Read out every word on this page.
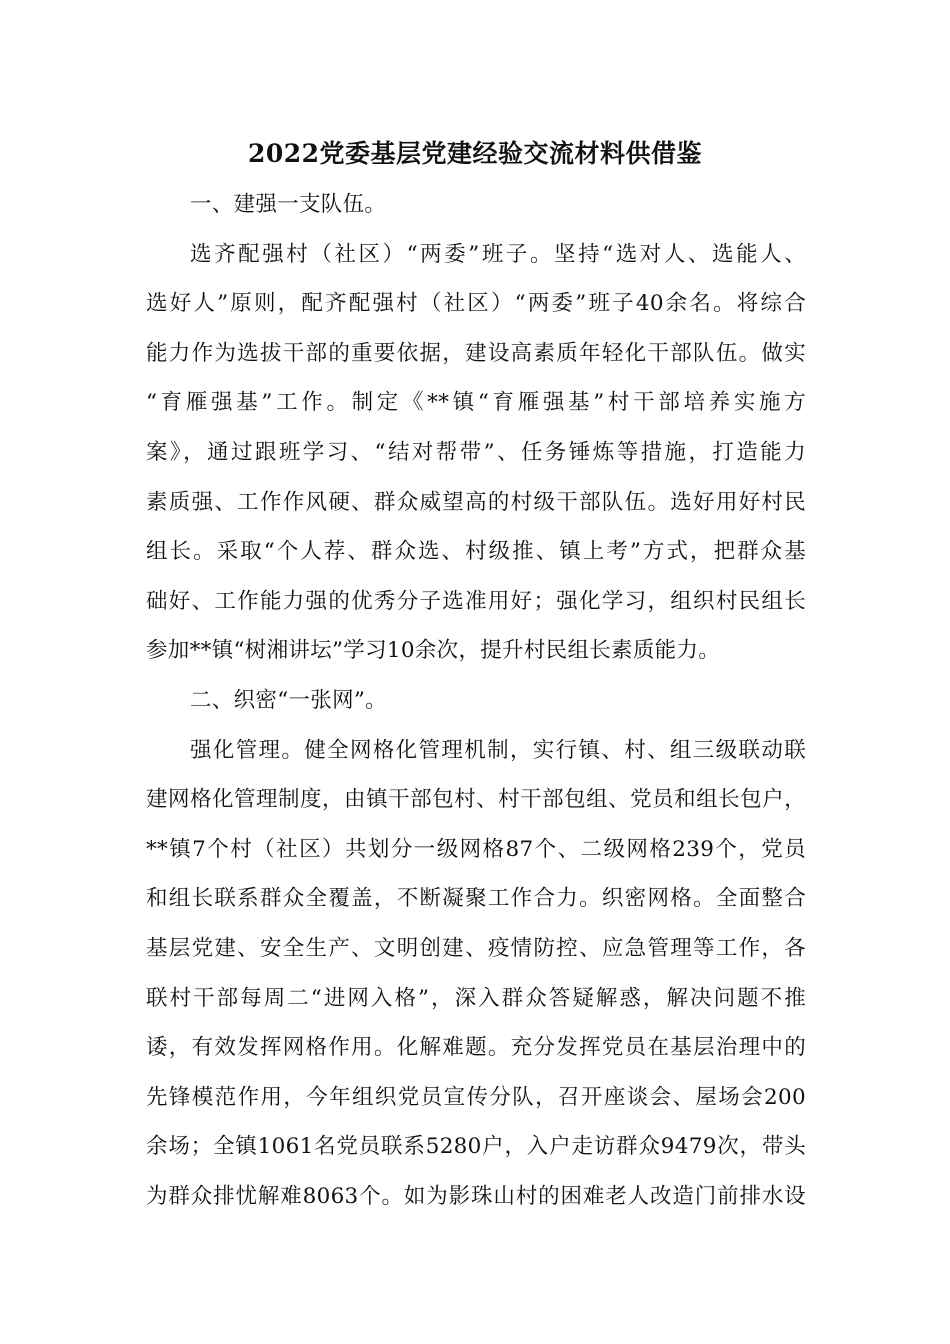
2022党委基层党建经验交流材料供借鉴
一、建强一支队伍。
选齐配强村（社区）“两委”班子。坚持“选对人、选能人、
选好人”原则，配齐配强村（社区）“两委”班子40余名。将综合
能力作为选拔干部的重要依据，建设高素质年轻化干部队伍。做实
“育雁强基”工作。制定《**镇“育雁强基”村干部培养实施方
案》，通过跟班学习、“结对帮带”、任务锤炼等措施，打造能力
素质强、工作作风硬、群众威望高的村级干部队伍。选好用好村民
组长。采取“个人荐、群众选、村级推、镇上考”方式，把群众基
础好、工作能力强的优秀分子选准用好；强化学习，组织村民组长
参加**镇“树湘讲坛”学习10余次，提升村民组长素质能力。
二、织密“一张网”。
强化管理。健全网格化管理机制，实行镇、村、组三级联动联
建网格化管理制度，由镇干部包村、村干部包组、党员和组长包户，
**镇7个村（社区）共划分一级网格87个、二级网格239个，党员
和组长联系群众全覆盖，不断凝聚工作合力。织密网格。全面整合
基层党建、安全生产、文明创建、疫情防控、应急管理等工作，各
联村干部每周二“进网入格”，深入群众答疑解惑，解决问题不推
诿，有效发挥网格作用。化解难题。充分发挥党员在基层治理中的
先锋模范作用，今年组织党员宣传分队，召开座谈会、屋场会200
余场；全镇1061名党员联系5280户，入户走访群众9479次，带头
为群众排忧解难8063个。如为影珠山村的困难老人改造门前排水设
